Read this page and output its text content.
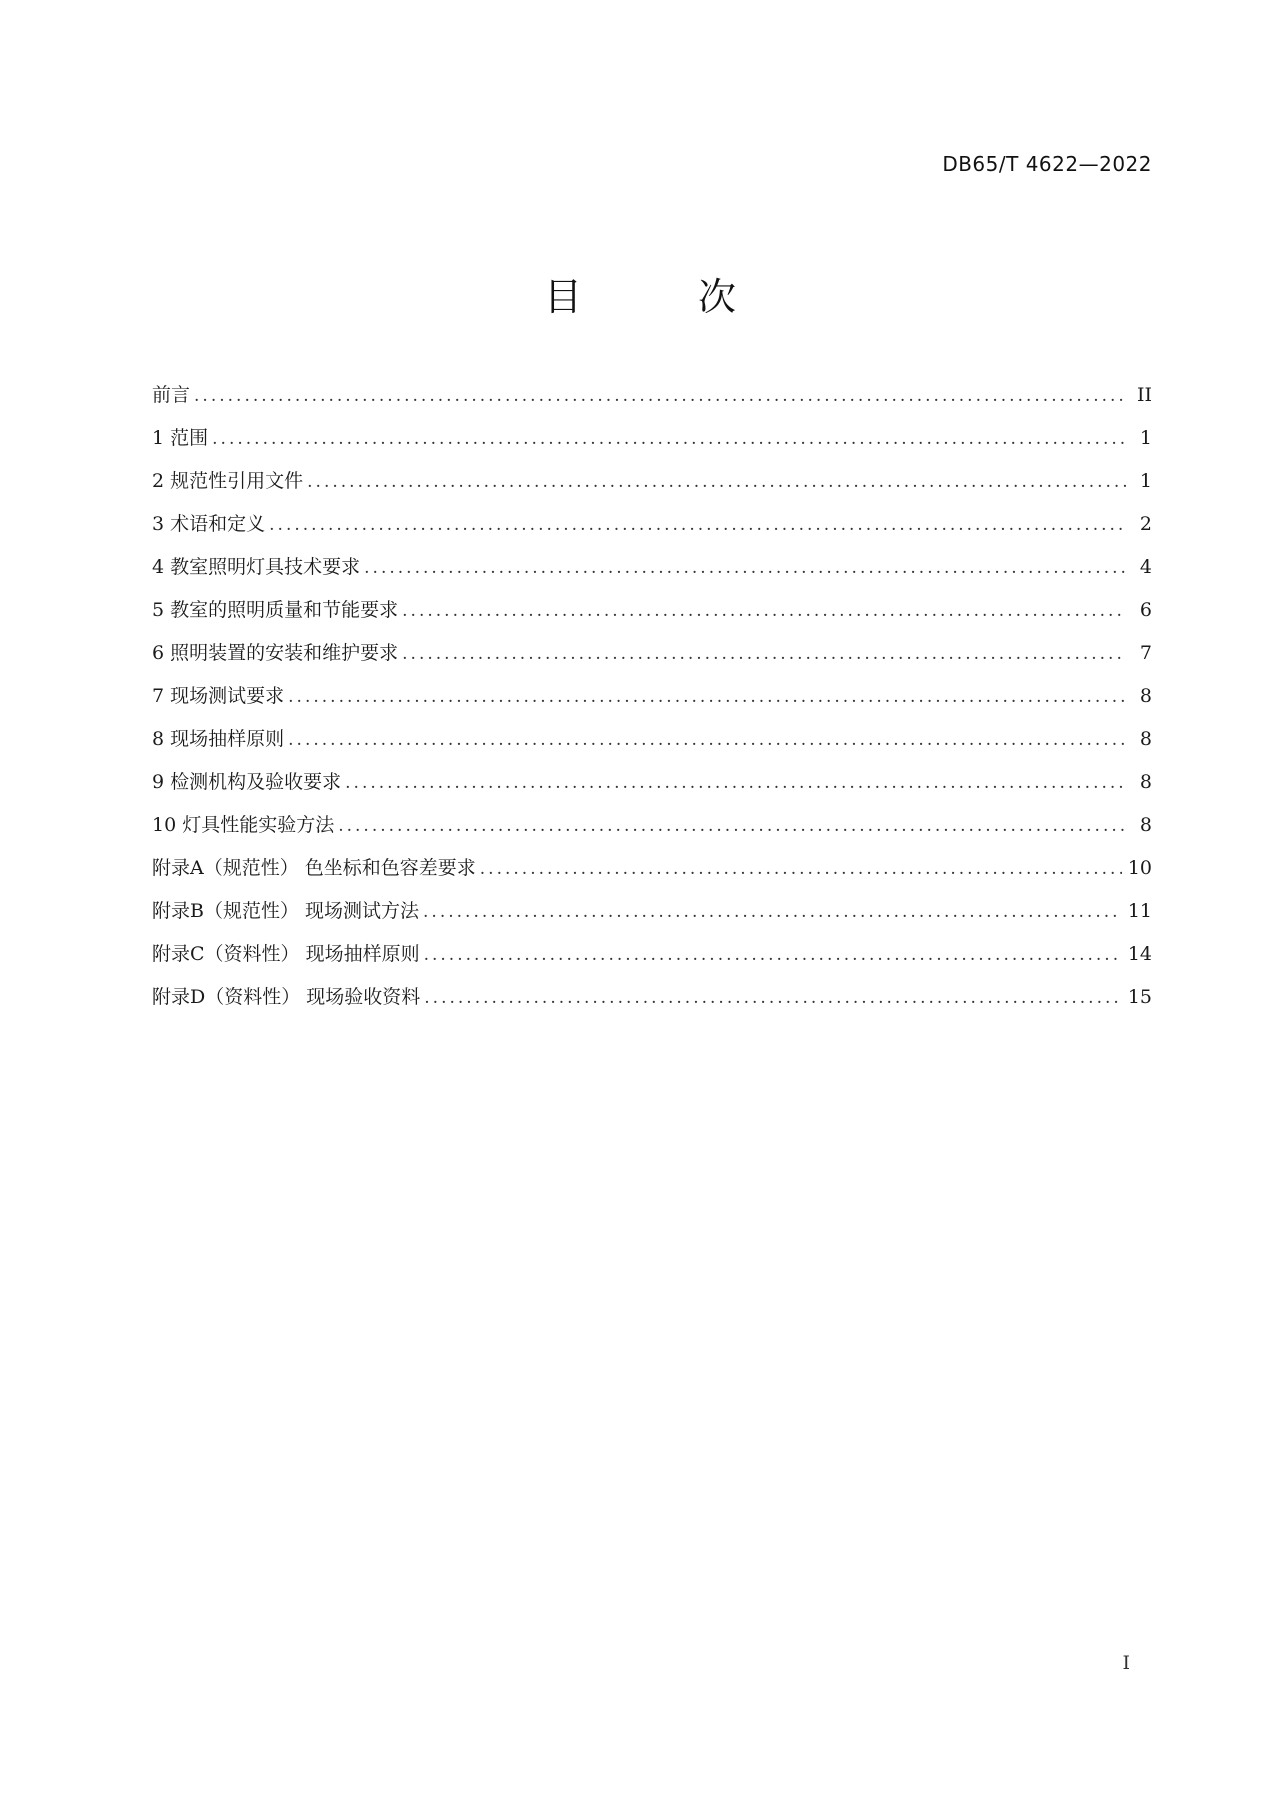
DB65/T 4622—2022
目 次
前言 .....	II
1 范围 .....	1
2 规范性引用文件 .....	1
3 术语和定义 .....	2
4 教室照明灯具技术要求 .....	4
5 教室的照明质量和节能要求 .....	6
6 照明装置的安装和维护要求 .....	7
7 现场测试要求 .....	8
8 现场抽样原则 .....	8
9 检测机构及验收要求 .....	8
10 灯具性能实验方法 .....	8
附录A（规范性） 色坐标和色容差要求 .....	10
附录B（规范性） 现场测试方法 .....	11
附录C（资料性） 现场抽样原则 .....	14
附录D（资料性） 现场验收资料 .....	15
I
